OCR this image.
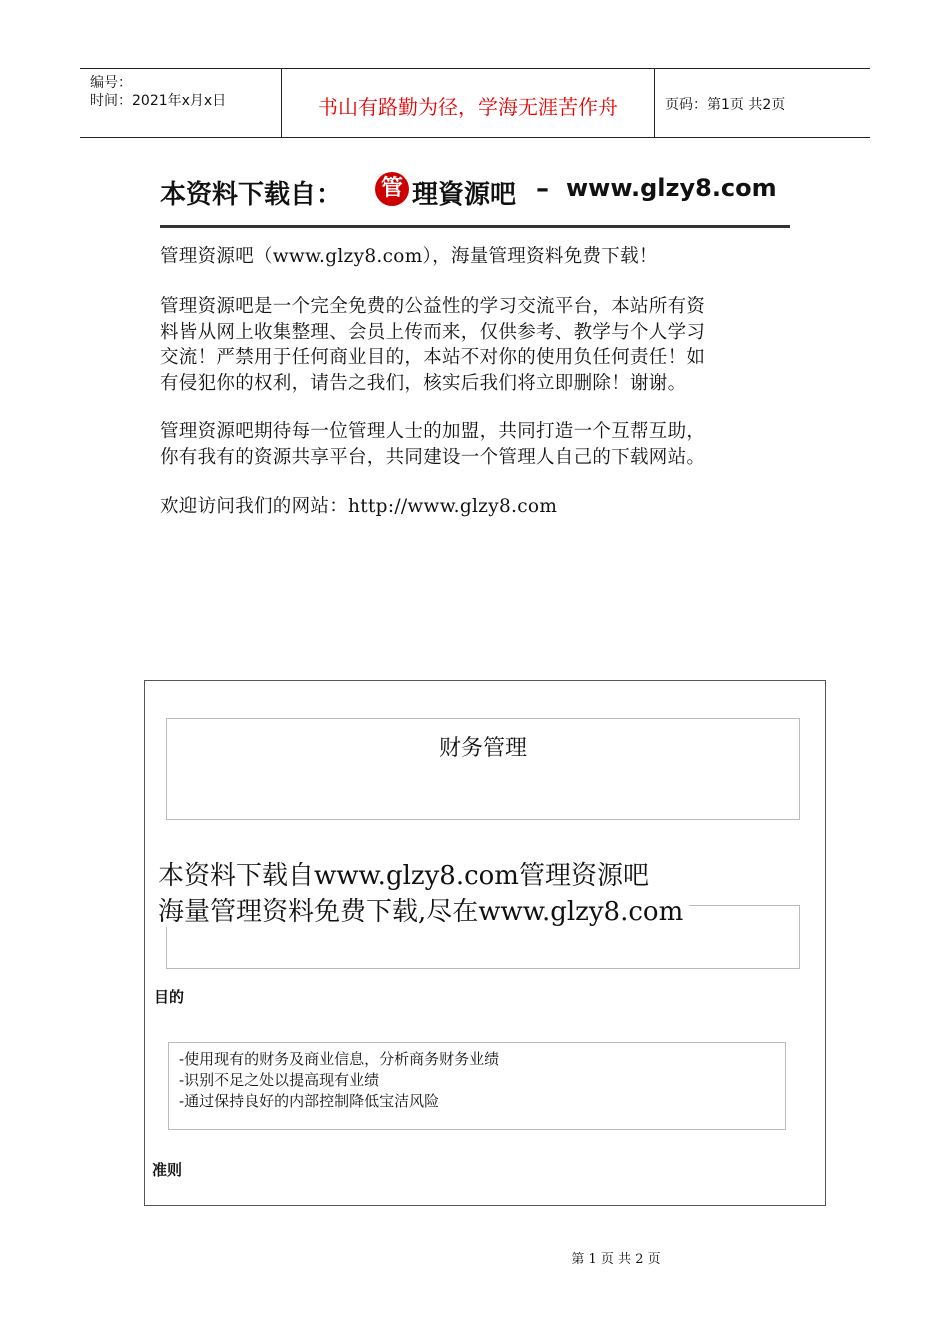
编号：
时间：2021年x月x日	书山有路勤为径，学海无涯苦作舟	页码：第1页 共2页
本资料下载自： 管 理資源吧 – www.glzy8.com

管理资源吧（www.glzy8.com），海量管理资料免费下载！

管理资源吧是一个完全免费的公益性的学习交流平台，本站所有资

料皆从网上收集整理、会员上传而来，仅供参考、教学与个人学习

交流！严禁用于任何商业目的，本站不对你的使用负任何责任！如

有侵犯你的权利，请告之我们，核实后我们将立即删除！谢谢。

管理资源吧期待每一位管理人士的加盟，共同打造一个互帮互助，

你有我有的资源共享平台，共同建设一个管理人自己的下载网站。

欢迎访问我们的网站：http://www.glzy8.com

财务管理
本资料下载自www.glzy8.com管理资源吧
海量管理资料免费下载,尽在www.glzy8.com
目的
-使用现有的财务及商业信息，分析商务财务业绩
-识别不足之处以提高现有业绩
-通过保持良好的内部控制降低宝洁风险
准则
第 1 页 共 2 页
